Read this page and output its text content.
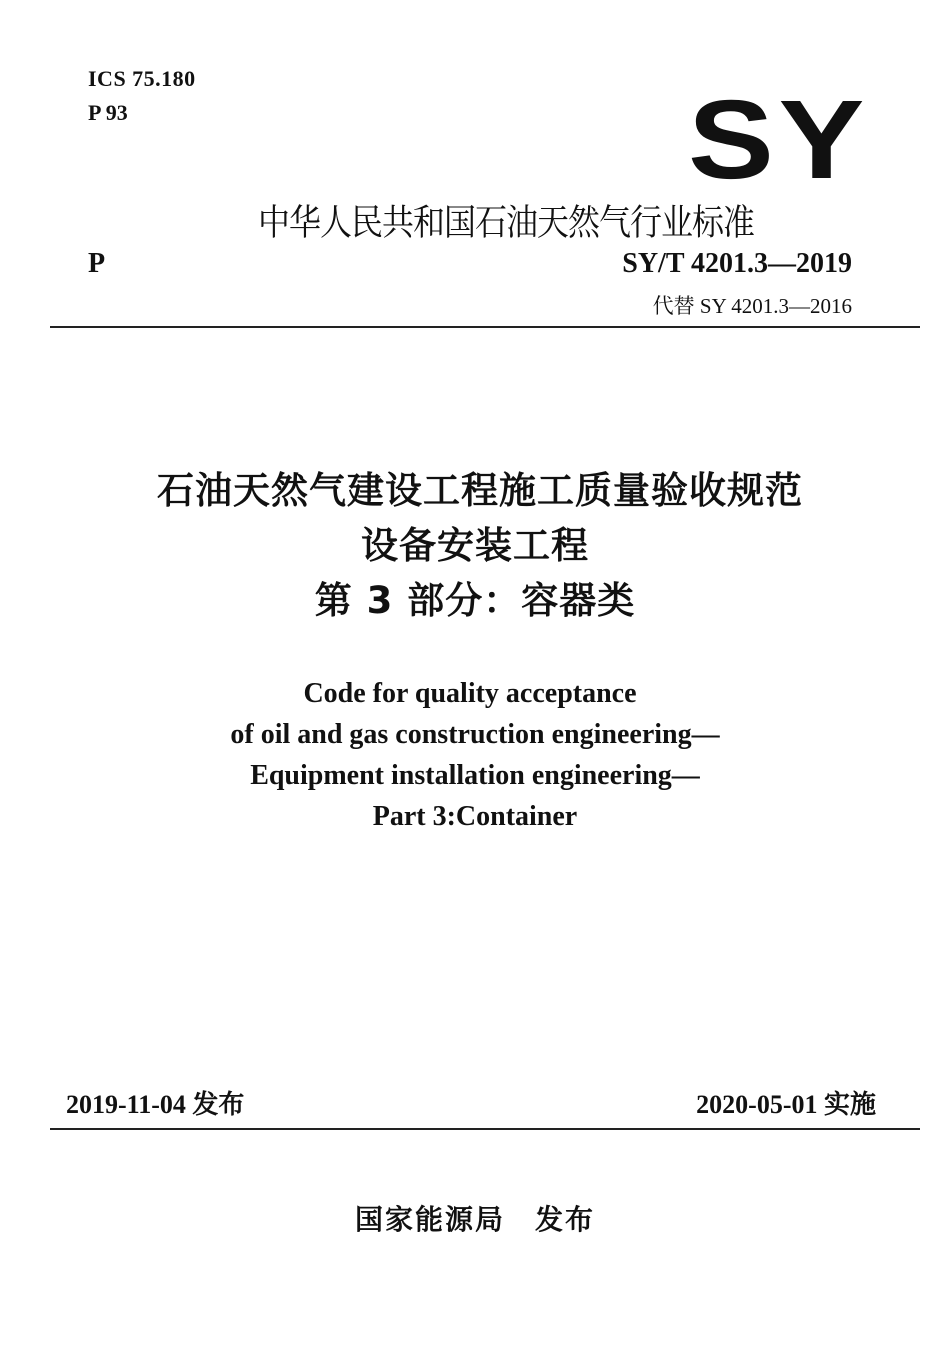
ICS 75.180
P 93	SY
中华人民共和国石油天然气行业标准
P	SY/T 4201.3—2019
代替 SY 4201.3—2016
石油天然气建设工程施工质量验收规范
设备安装工程
第 3 部分：容器类
Code for quality acceptance
of oil and gas construction engineering—
Equipment installation engineering—
Part 3:Container
2019-11-04 发布	2020-05-01 实施
国家能源局　发布
